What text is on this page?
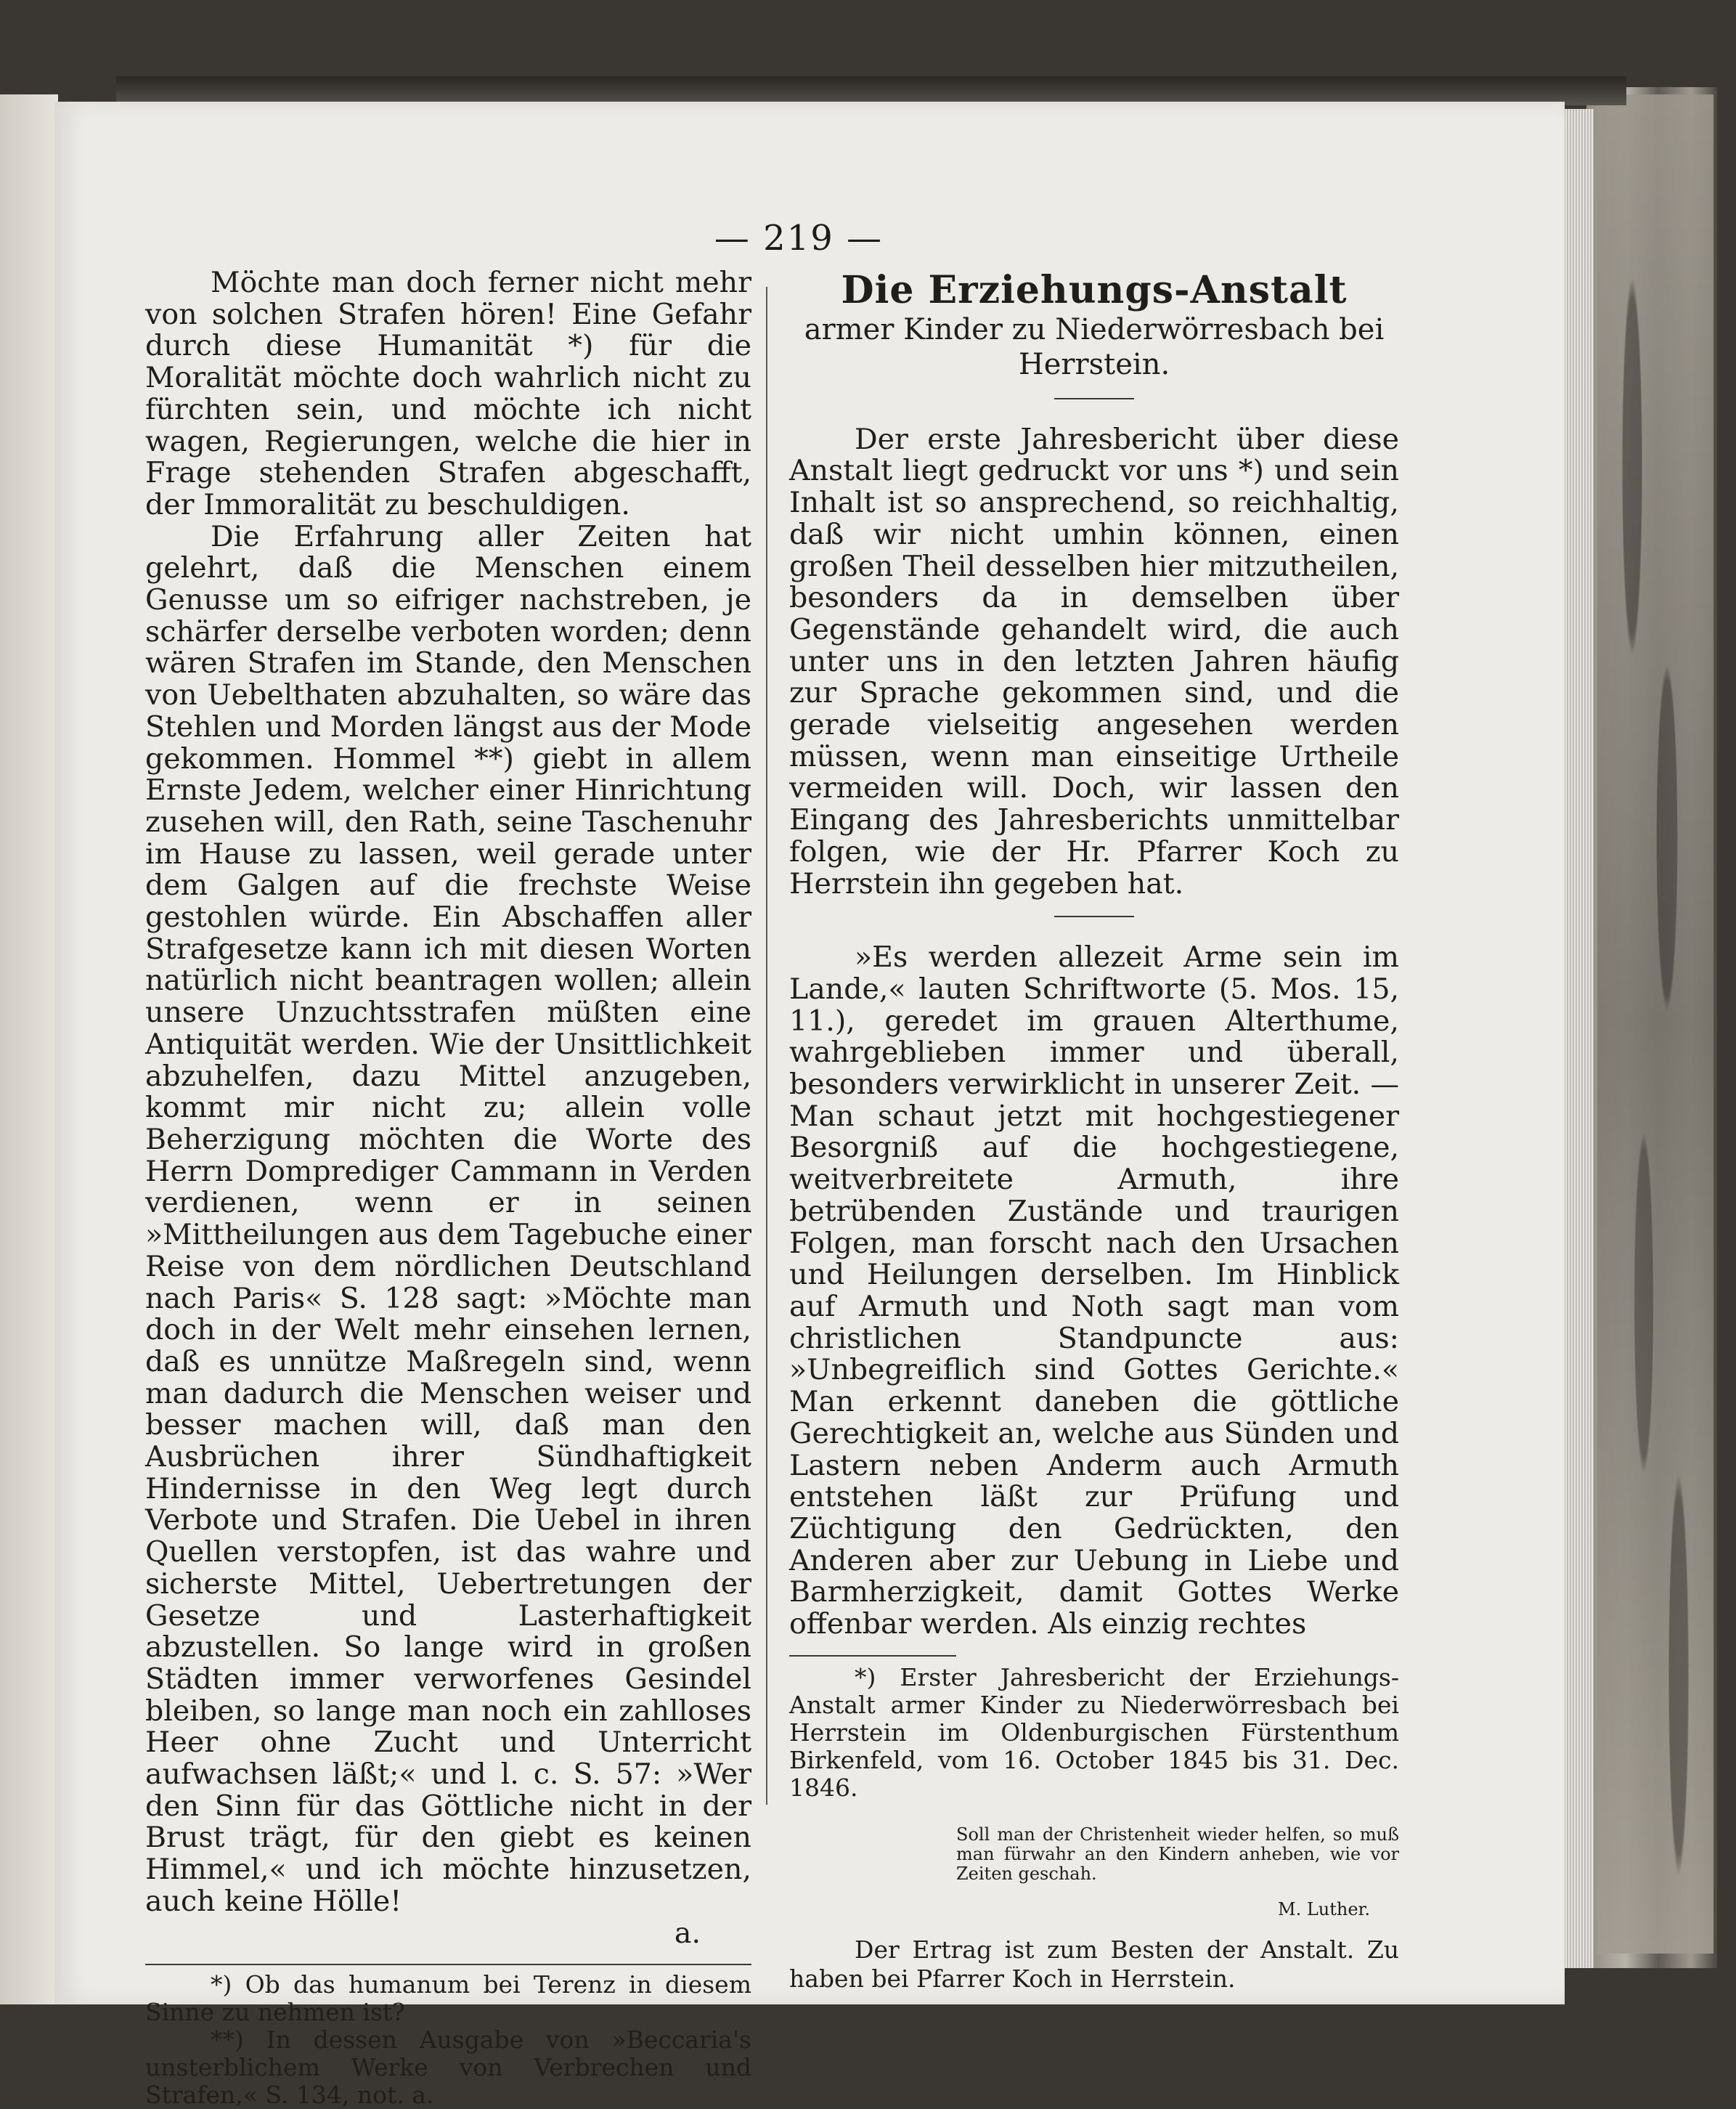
— 219 —

Möchte man doch ferner nicht mehr von solchen Strafen hören! Eine Gefahr durch diese Humanität *) für die Moralität möchte doch wahrlich nicht zu fürchten sein, und möchte ich nicht wagen, Regierungen, welche die hier in Frage stehenden Strafen abgeschafft, der Immoralität zu beschuldigen.

Die Erfahrung aller Zeiten hat gelehrt, daß die Menschen einem Genusse um so eifriger nachstreben, je schärfer derselbe verboten worden; denn wären Strafen im Stande, den Menschen von Uebelthaten abzuhalten, so wäre das Stehlen und Morden längst aus der Mode gekommen. Hommel **) giebt in allem Ernste Jedem, welcher einer Hinrichtung zusehen will, den Rath, seine Taschenuhr im Hause zu lassen, weil gerade unter dem Galgen auf die frechste Weise gestohlen würde. Ein Abschaffen aller Strafgesetze kann ich mit diesen Worten natürlich nicht beantragen wollen; allein unsere Unzuchtsstrafen müßten eine Antiquität werden. Wie der Unsittlichkeit abzuhelfen, dazu Mittel anzugeben, kommt mir nicht zu; allein volle Beherzigung möchten die Worte des Herrn Domprediger Cammann in Verden verdienen, wenn er in seinen »Mittheilungen aus dem Tagebuche einer Reise von dem nördlichen Deutschland nach Paris« S. 128 sagt: »Möchte man doch in der Welt mehr einsehen lernen, daß es unnütze Maßregeln sind, wenn man dadurch die Menschen weiser und besser machen will, daß man den Ausbrüchen ihrer Sündhaftigkeit Hindernisse in den Weg legt durch Verbote und Strafen. Die Uebel in ihren Quellen verstopfen, ist das wahre und sicherste Mittel, Uebertretungen der Gesetze und Lasterhaftigkeit abzustellen. So lange wird in großen Städten immer verworfenes Gesindel bleiben, so lange man noch ein zahlloses Heer ohne Zucht und Unterricht aufwachsen läßt;« und l. c. S. 57: »Wer den Sinn für das Göttliche nicht in der Brust trägt, für den giebt es keinen Himmel,« und ich möchte hinzusetzen, auch keine Hölle!

a.

*) Ob das humanum bei Terenz in diesem Sinne zu nehmen ist?

**) In dessen Ausgabe von »Beccaria's unsterblichem Werke von Verbrechen und Strafen,« S. 134, not. a.

Die Erziehungs-Anstalt

armer Kinder zu Niederwörresbach bei Herrstein.

Der erste Jahresbericht über diese Anstalt liegt gedruckt vor uns *) und sein Inhalt ist so ansprechend, so reichhaltig, daß wir nicht umhin können, einen großen Theil desselben hier mitzutheilen, besonders da in demselben über Gegenstände gehandelt wird, die auch unter uns in den letzten Jahren häufig zur Sprache gekommen sind, und die gerade vielseitig angesehen werden müssen, wenn man einseitige Urtheile vermeiden will. Doch, wir lassen den Eingang des Jahresberichts unmittelbar folgen, wie der Hr. Pfarrer Koch zu Herrstein ihn gegeben hat.

»Es werden allezeit Arme sein im Lande,« lauten Schriftworte (5. Mos. 15, 11.), geredet im grauen Alterthume, wahrgeblieben immer und überall, besonders verwirklicht in unserer Zeit. — Man schaut jetzt mit hochgestiegener Besorgniß auf die hochgestiegene, weitverbreitete Armuth, ihre betrübenden Zustände und traurigen Folgen, man forscht nach den Ursachen und Heilungen derselben. Im Hinblick auf Armuth und Noth sagt man vom christlichen Standpuncte aus: »Unbegreiflich sind Gottes Gerichte.« Man erkennt daneben die göttliche Gerechtigkeit an, welche aus Sünden und Lastern neben Anderm auch Armuth entstehen läßt zur Prüfung und Züchtigung den Gedrückten, den Anderen aber zur Uebung in Liebe und Barmherzigkeit, damit Gottes Werke offenbar werden. Als einzig rechtes

*) Erster Jahresbericht der Erziehungs-Anstalt armer Kinder zu Niederwörresbach bei Herrstein im Oldenburgischen Fürstenthum Birkenfeld, vom 16. October 1845 bis 31. Dec. 1846.

Soll man der Christenheit wieder helfen, so muß man fürwahr an den Kindern anheben, wie vor Zeiten geschah.

M. Luther.

Der Ertrag ist zum Besten der Anstalt. Zu haben bei Pfarrer Koch in Herrstein.
